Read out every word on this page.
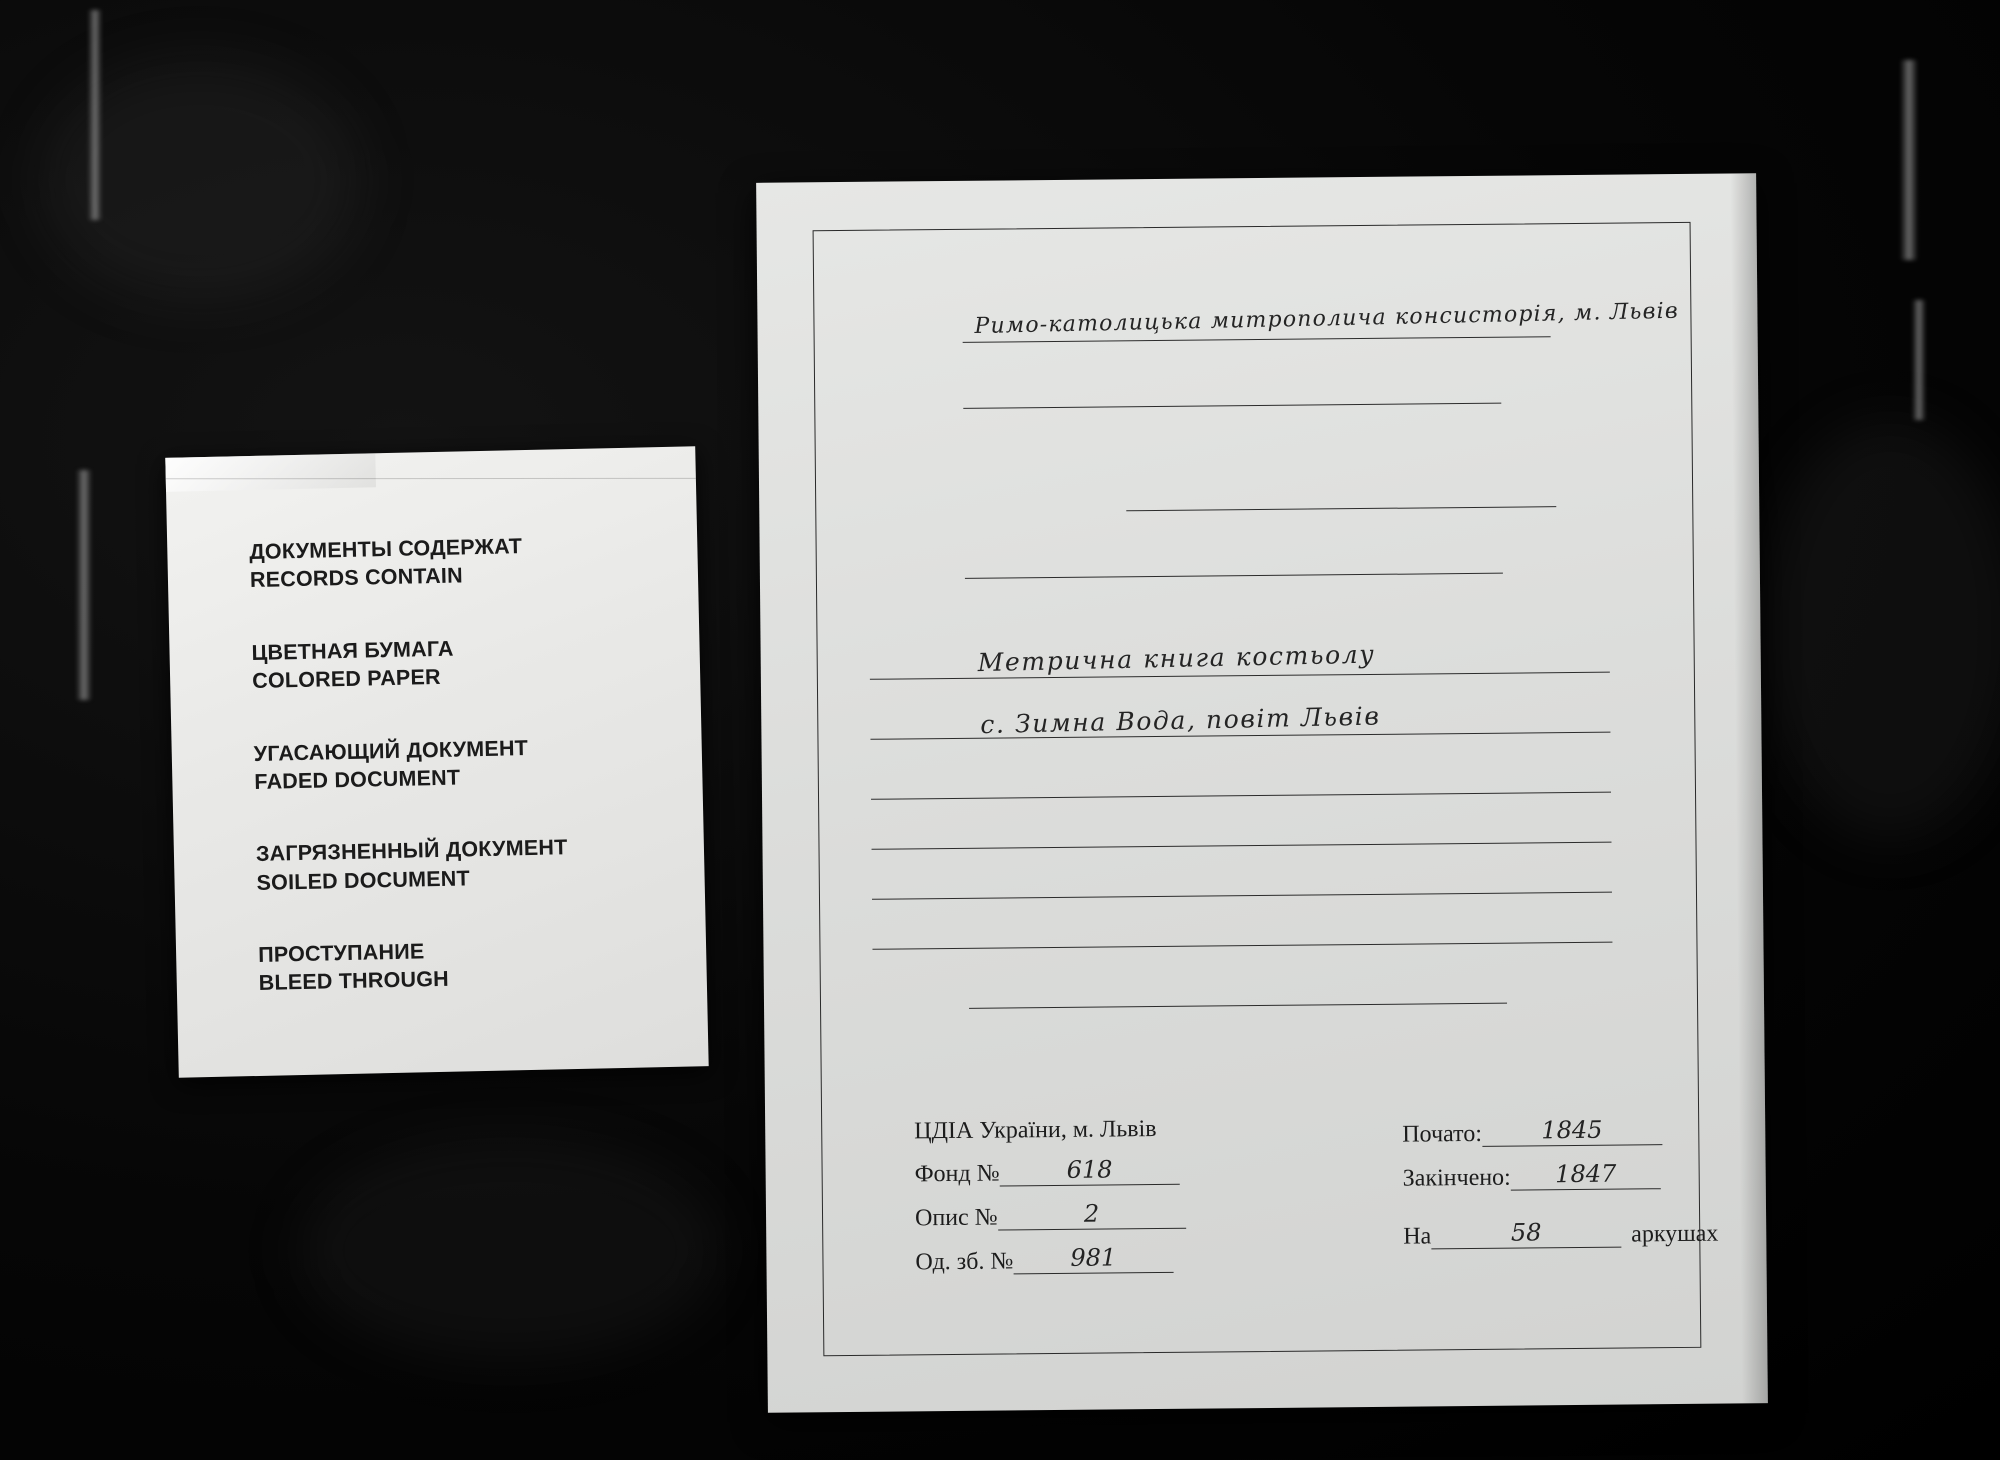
ДОКУМЕНТЫ СОДЕРЖАТ
RECORDS CONTAIN
ЦВЕТНАЯ БУМАГА
COLORED PAPER
УГАСАЮЩИЙ ДОКУМЕНТ
FADED DOCUMENT
ЗАГРЯЗНЕННЫЙ ДОКУМЕНТ
SOILED DOCUMENT
ПРОСТУПАНИЕ
BLEED THROUGH
Римо-католицька митрополича консисторія, м. Львів
Метрична книга костьолу
с. Зимна Вода, повіт Львів
ЦДІА України, м. Львів
Фонд №	618
Опис №	2
Од. зб. №	981
Почато:	1845
Закінчено:	1847
На	58	аркушах
